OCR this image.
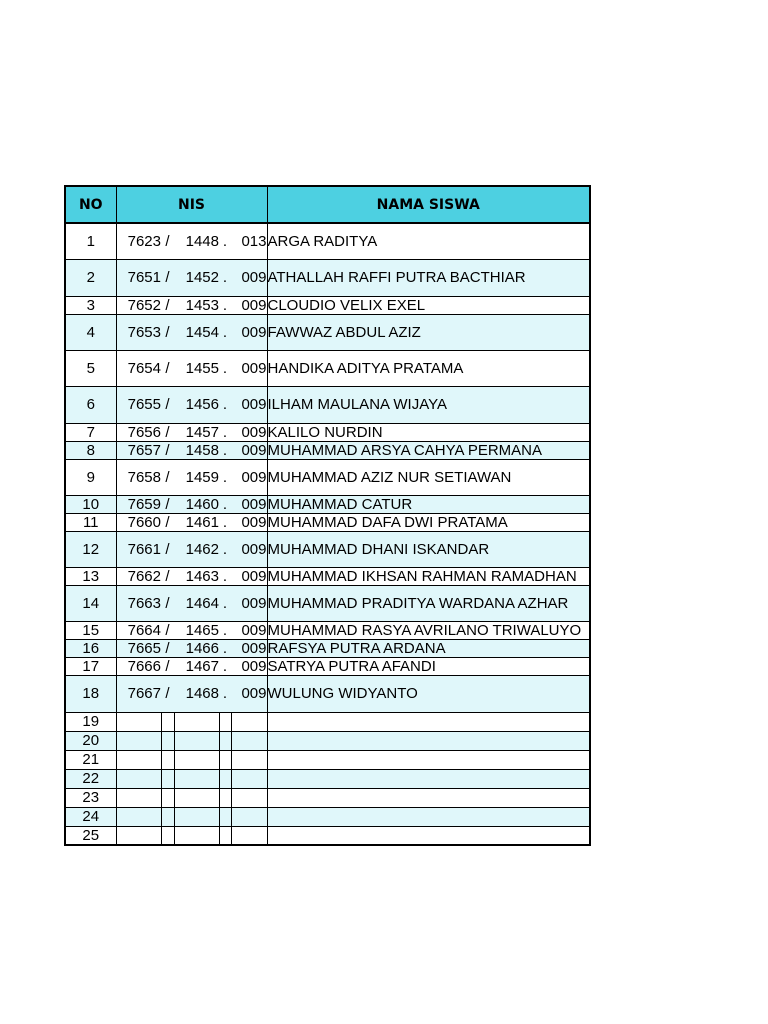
NO	NIS					NAMA SISWA
1	7623	/	1448	.	013	ARGA RADITYA
2	7651	/	1452	.	009	ATHALLAH RAFFI PUTRA BACTHIAR
3	7652	/	1453	.	009	CLOUDIO VELIX EXEL
4	7653	/	1454	.	009	FAWWAZ ABDUL AZIZ
5	7654	/	1455	.	009	HANDIKA ADITYA PRATAMA
6	7655	/	1456	.	009	ILHAM MAULANA WIJAYA
7	7656	/	1457	.	009	KALILO NURDIN
8	7657	/	1458	.	009	MUHAMMAD ARSYA CAHYA PERMANA
9	7658	/	1459	.	009	MUHAMMAD AZIZ NUR SETIAWAN
10	7659	/	1460	.	009	MUHAMMAD CATUR
11	7660	/	1461	.	009	MUHAMMAD DAFA DWI PRATAMA
12	7661	/	1462	.	009	MUHAMMAD DHANI ISKANDAR
13	7662	/	1463	.	009	MUHAMMAD IKHSAN RAHMAN RAMADHAN
14	7663	/	1464	.	009	MUHAMMAD PRADITYA WARDANA AZHAR
15	7664	/	1465	.	009	MUHAMMAD RASYA AVRILANO TRIWALUYO
16	7665	/	1466	.	009	RAFSYA PUTRA ARDANA
17	7666	/	1467	.	009	SATRYA PUTRA AFANDI
18	7667	/	1468	.	009	WULUNG WIDYANTO
19						
20						
21						
22						
23						
24						
25						
